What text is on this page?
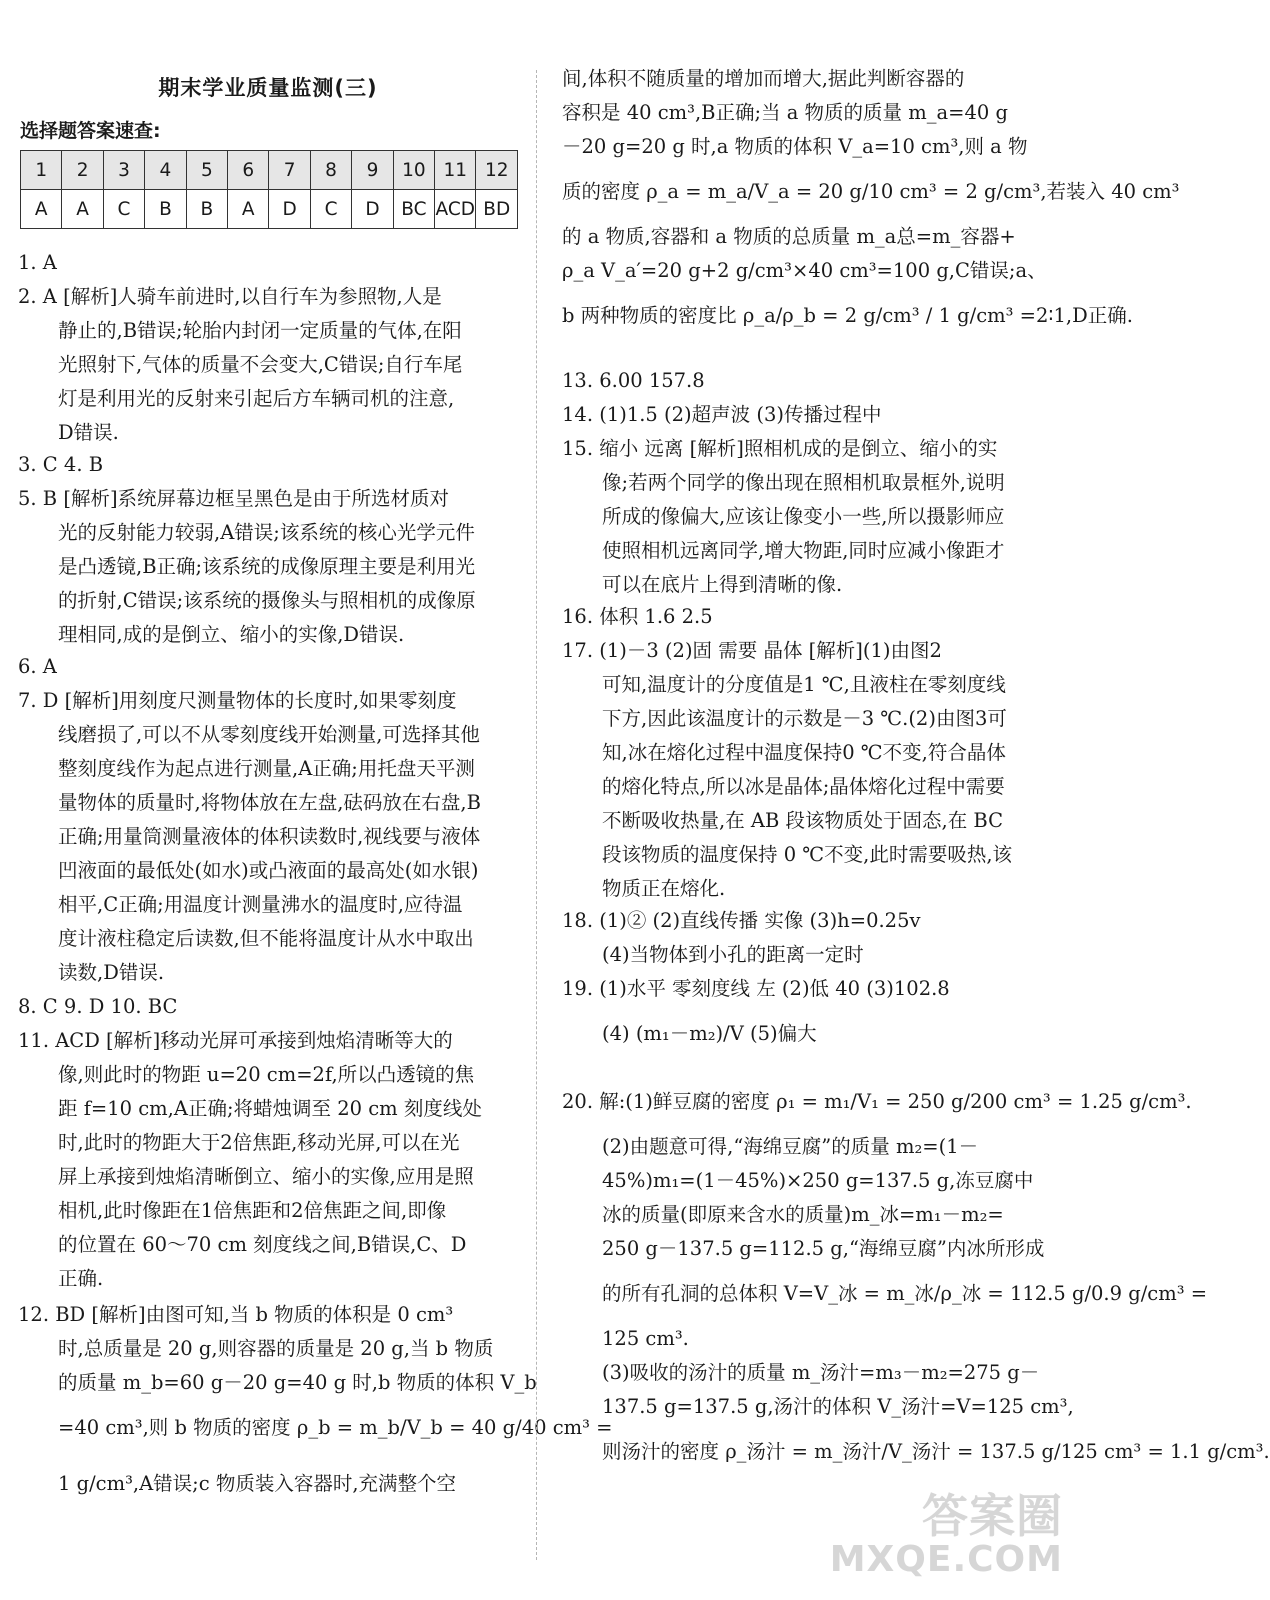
期末学业质量监测(三)
选择题答案速查:
1	2	3	4	5	6	7	8	9	10	11	12
A	A	C	B	B	A	D	C	D	BC	ACD	BD
1. A
2. A [解析]人骑车前进时,以自行车为参照物,人是
静止的,B错误;轮胎内封闭一定质量的气体,在阳
光照射下,气体的质量不会变大,C错误;自行车尾
灯是利用光的反射来引起后方车辆司机的注意,
D错误.
3. C 4. B
5. B [解析]系统屏幕边框呈黑色是由于所选材质对
光的反射能力较弱,A错误;该系统的核心光学元件
是凸透镜,B正确;该系统的成像原理主要是利用光
的折射,C错误;该系统的摄像头与照相机的成像原
理相同,成的是倒立、缩小的实像,D错误.
6. A
7. D [解析]用刻度尺测量物体的长度时,如果零刻度
线磨损了,可以不从零刻度线开始测量,可选择其他
整刻度线作为起点进行测量,A正确;用托盘天平测
量物体的质量时,将物体放在左盘,砝码放在右盘,B
正确;用量筒测量液体的体积读数时,视线要与液体
凹液面的最低处(如水)或凸液面的最高处(如水银)
相平,C正确;用温度计测量沸水的温度时,应待温
度计液柱稳定后读数,但不能将温度计从水中取出
读数,D错误.
8. C 9. D 10. BC
11. ACD [解析]移动光屏可承接到烛焰清晰等大的
像,则此时的物距 u=20 cm=2f,所以凸透镜的焦
距 f=10 cm,A正确;将蜡烛调至 20 cm 刻度线处
时,此时的物距大于2倍焦距,移动光屏,可以在光
屏上承接到烛焰清晰倒立、缩小的实像,应用是照
相机,此时像距在1倍焦距和2倍焦距之间,即像
的位置在 60～70 cm 刻度线之间,B错误,C、D
正确.
12. BD [解析]由图可知,当 b 物质的体积是 0 cm³
时,总质量是 20 g,则容器的质量是 20 g,当 b 物质
的质量 m_b=60 g－20 g=40 g 时,b 物质的体积 V_b
=40 cm³,则 b 物质的密度 ρ_b = m_b/V_b = 40 g/40 cm³ =
1 g/cm³,A错误;c 物质装入容器时,充满整个空
间,体积不随质量的增加而增大,据此判断容器的
容积是 40 cm³,B正确;当 a 物质的质量 m_a=40 g
－20 g=20 g 时,a 物质的体积 V_a=10 cm³,则 a 物
质的密度 ρ_a = m_a/V_a = 20 g/10 cm³ = 2 g/cm³,若装入 40 cm³
的 a 物质,容器和 a 物质的总质量 m_a总=m_容器+
ρ_a V_a′=20 g+2 g/cm³×40 cm³=100 g,C错误;a、
b 两种物质的密度比 ρ_a/ρ_b = 2 g/cm³ / 1 g/cm³ =2∶1,D正确.
13. 6.00 157.8
14. (1)1.5 (2)超声波 (3)传播过程中
15. 缩小 远离 [解析]照相机成的是倒立、缩小的实
像;若两个同学的像出现在照相机取景框外,说明
所成的像偏大,应该让像变小一些,所以摄影师应
使照相机远离同学,增大物距,同时应减小像距才
可以在底片上得到清晰的像.
16. 体积 1.6 2.5
17. (1)－3 (2)固 需要 晶体 [解析](1)由图2
可知,温度计的分度值是1 ℃,且液柱在零刻度线
下方,因此该温度计的示数是－3 ℃.(2)由图3可
知,冰在熔化过程中温度保持0 ℃不变,符合晶体
的熔化特点,所以冰是晶体;晶体熔化过程中需要
不断吸收热量,在 AB 段该物质处于固态,在 BC
段该物质的温度保持 0 ℃不变,此时需要吸热,该
物质正在熔化.
18. (1)② (2)直线传播 实像 (3)h=0.25v
(4)当物体到小孔的距离一定时
19. (1)水平 零刻度线 左 (2)低 40 (3)102.8
(4) (m₁－m₂)/V (5)偏大
20. 解:(1)鲜豆腐的密度 ρ₁ = m₁/V₁ = 250 g/200 cm³ = 1.25 g/cm³.
(2)由题意可得,“海绵豆腐”的质量 m₂=(1－
45%)m₁=(1－45%)×250 g=137.5 g,冻豆腐中
冰的质量(即原来含水的质量)m_冰=m₁－m₂=
250 g－137.5 g=112.5 g,“海绵豆腐”内冰所形成
的所有孔洞的总体积 V=V_冰 = m_冰/ρ_冰 = 112.5 g/0.9 g/cm³ =
125 cm³.
(3)吸收的汤汁的质量 m_汤汁=m₃－m₂=275 g－
137.5 g=137.5 g,汤汁的体积 V_汤汁=V=125 cm³,
则汤汁的密度 ρ_汤汁 = m_汤汁/V_汤汁 = 137.5 g/125 cm³ = 1.1 g/cm³.
答案圈
MXQE.COM
